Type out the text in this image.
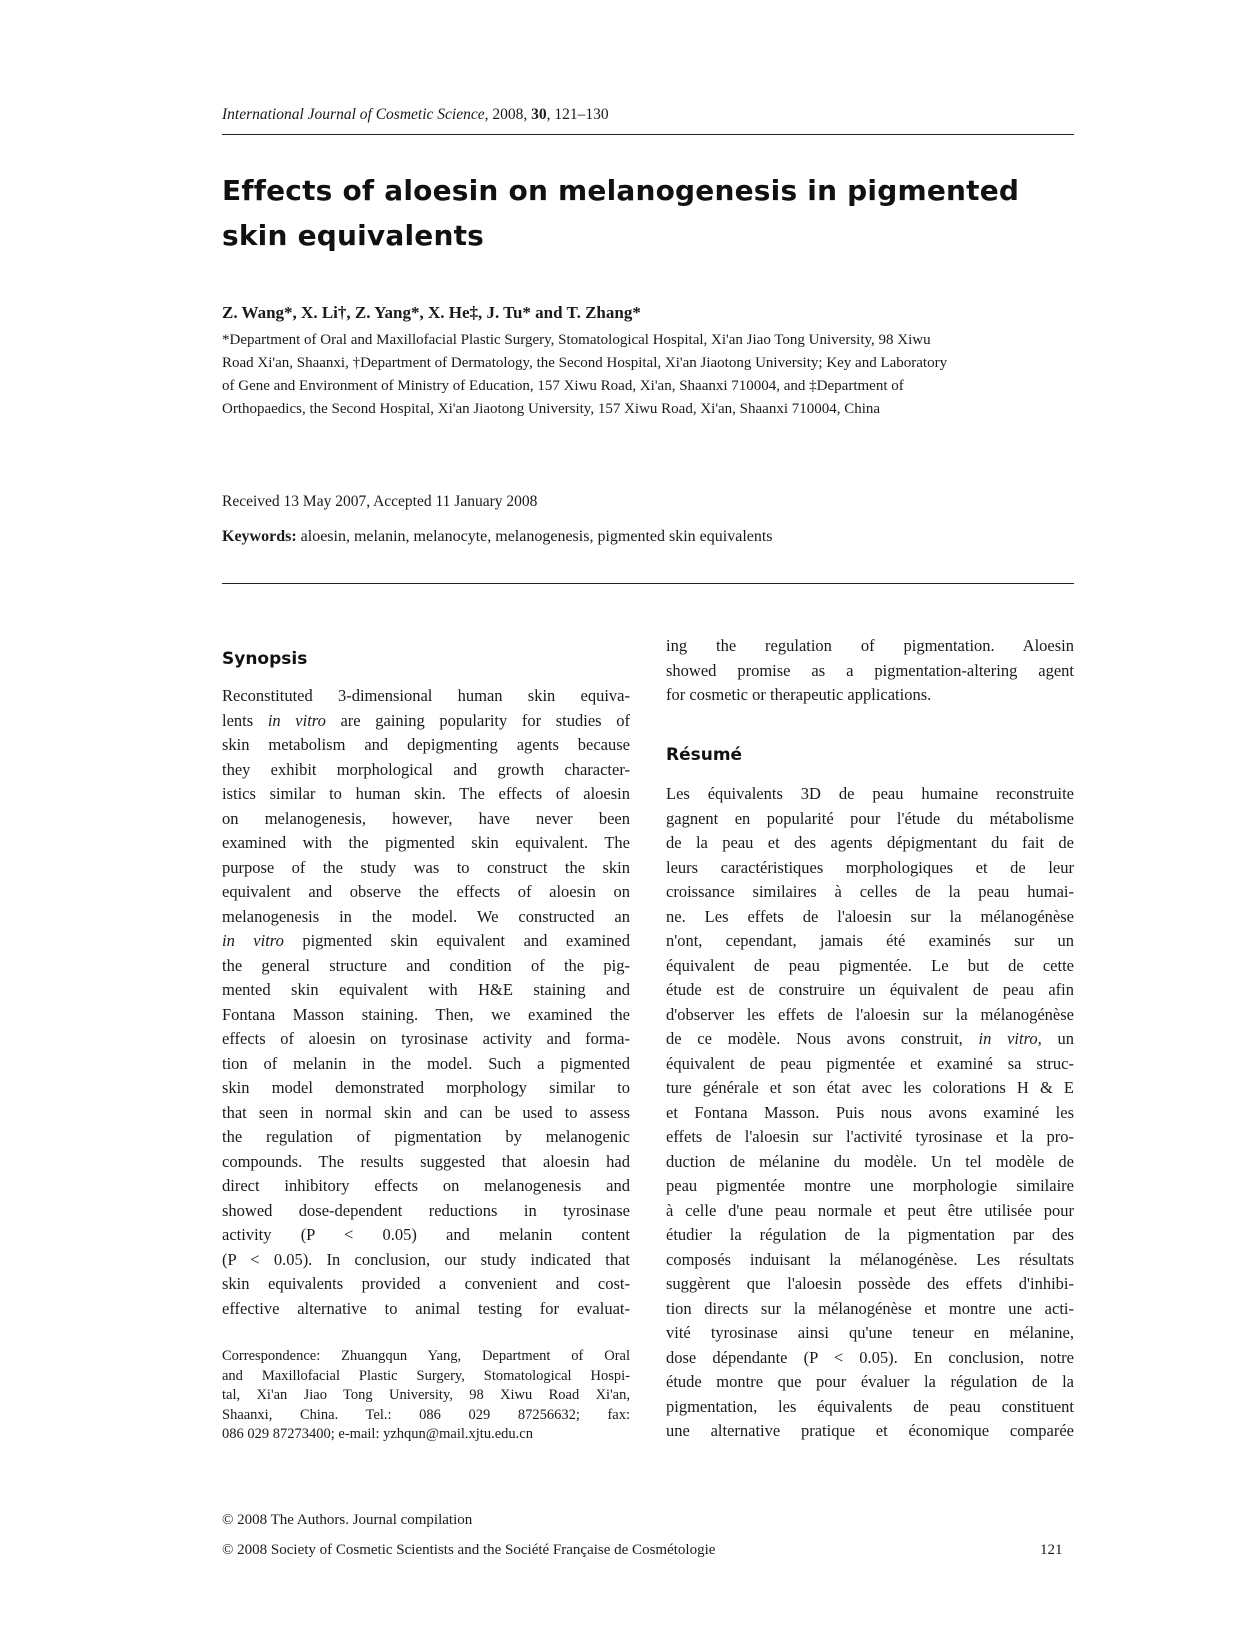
International Journal of Cosmetic Science, 2008, 30, 121–130
Effects of aloesin on melanogenesis in pigmented
skin equivalents
Z. Wang*, X. Li†, Z. Yang*, X. He‡, J. Tu* and T. Zhang*

*Department of Oral and Maxillofacial Plastic Surgery, Stomatological Hospital, Xi'an Jiao Tong University, 98 Xiwu

Road Xi'an, Shaanxi, †Department of Dermatology, the Second Hospital, Xi'an Jiaotong University; Key and Laboratory

of Gene and Environment of Ministry of Education, 157 Xiwu Road, Xi'an, Shaanxi 710004, and ‡Department of

Orthopaedics, the Second Hospital, Xi'an Jiaotong University, 157 Xiwu Road, Xi'an, Shaanxi 710004, China

Received 13 May 2007, Accepted 11 January 2008
Keywords: aloesin, melanin, melanocyte, melanogenesis, pigmented skin equivalents
Synopsis
Reconstituted 3-dimensional human skin equiva-
lents in vitro are gaining popularity for studies of
skin metabolism and depigmenting agents because
they exhibit morphological and growth character-
istics similar to human skin. The effects of aloesin
on melanogenesis, however, have never been
examined with the pigmented skin equivalent. The
purpose of the study was to construct the skin
equivalent and observe the effects of aloesin on
melanogenesis in the model. We constructed an
in vitro pigmented skin equivalent and examined
the general structure and condition of the pig-
mented skin equivalent with H&E staining and
Fontana Masson staining. Then, we examined the
effects of aloesin on tyrosinase activity and forma-
tion of melanin in the model. Such a pigmented
skin model demonstrated morphology similar to
that seen in normal skin and can be used to assess
the regulation of pigmentation by melanogenic
compounds. The results suggested that aloesin had
direct inhibitory effects on melanogenesis and
showed dose-dependent reductions in tyrosinase
activity (P < 0.05) and melanin content
(P < 0.05). In conclusion, our study indicated that
skin equivalents provided a convenient and cost-
effective alternative to animal testing for evaluat-
Correspondence: Zhuangqun Yang, Department of Oral
and Maxillofacial Plastic Surgery, Stomatological Hospi-
tal, Xi'an Jiao Tong University, 98 Xiwu Road Xi'an,
Shaanxi, China. Tel.: 086 029 87256632; fax:
086 029 87273400; e-mail: yzhqun@mail.xjtu.edu.cn
ing the regulation of pigmentation. Aloesin
showed promise as a pigmentation-altering agent
for cosmetic or therapeutic applications.
Résumé
Les équivalents 3D de peau humaine reconstruite
gagnent en popularité pour l'étude du métabolisme
de la peau et des agents dépigmentant du fait de
leurs caractéristiques morphologiques et de leur
croissance similaires à celles de la peau humai-
ne. Les effets de l'aloesin sur la mélanogénèse
n'ont, cependant, jamais été examinés sur un
équivalent de peau pigmentée. Le but de cette
étude est de construire un équivalent de peau afin
d'observer les effets de l'aloesin sur la mélanogénèse
de ce modèle. Nous avons construit, in vitro, un
équivalent de peau pigmentée et examiné sa struc-
ture générale et son état avec les colorations H & E
et Fontana Masson. Puis nous avons examiné les
effets de l'aloesin sur l'activité tyrosinase et la pro-
duction de mélanine du modèle. Un tel modèle de
peau pigmentée montre une morphologie similaire
à celle d'une peau normale et peut être utilisée pour
étudier la régulation de la pigmentation par des
composés induisant la mélanogénèse. Les résultats
suggèrent que l'aloesin possède des effets d'inhibi-
tion directs sur la mélanogénèse et montre une acti-
vité tyrosinase ainsi qu'une teneur en mélanine,
dose dépendante (P < 0.05). En conclusion, notre
étude montre que pour évaluer la régulation de la
pigmentation, les équivalents de peau constituent
une alternative pratique et économique comparée
© 2008 The Authors. Journal compilation
© 2008 Society of Cosmetic Scientists and the Société Française de Cosmétologie	121
